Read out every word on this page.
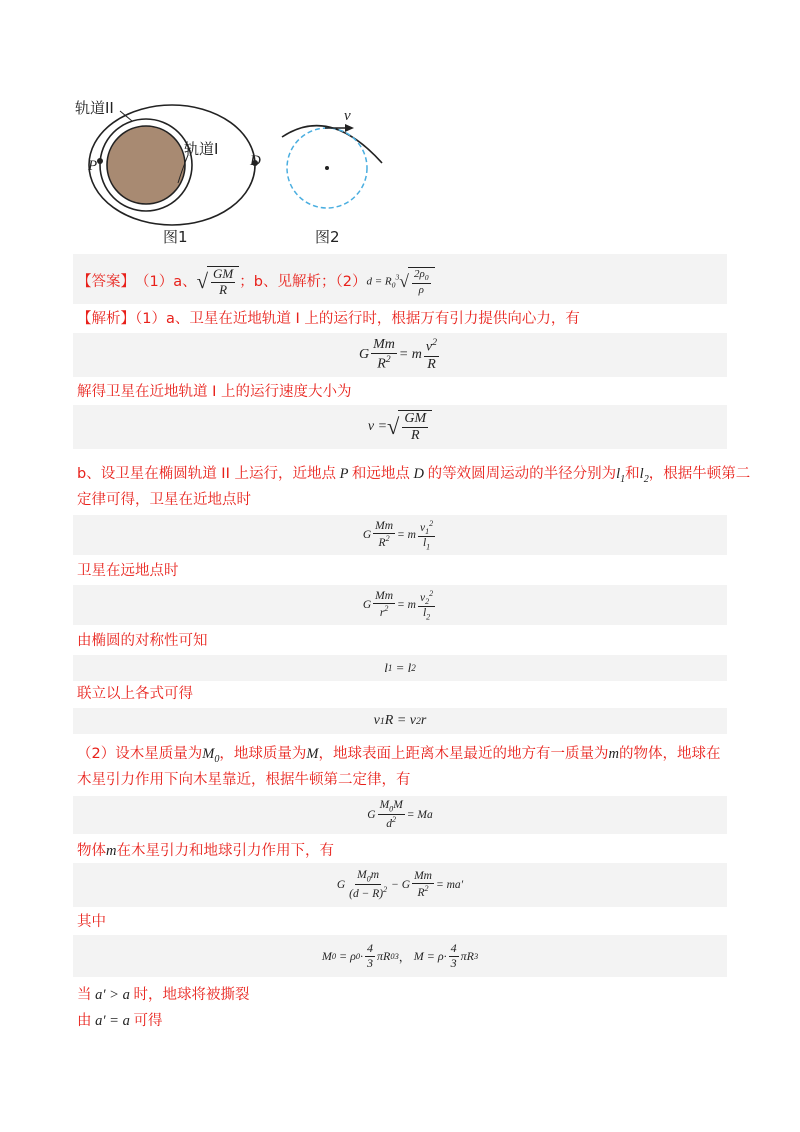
轨道II
轨道I
P	D
v
图1	图2
【答案】 （1）a、 √ $\frac{GM}{R}$ ；b、见解析；（2） $d = R_0^3$ √ $\frac{2\rho_0}{\rho}$
【解析】（1）a、卫星在近地轨道 I 上的运行时，根据万有引力提供向心力，有
G $\frac{Mm}{R^2} = m \frac{v^2}{R}$
解得卫星在近地轨道 I 上的运行速度大小为
v = √ $\frac{GM}{R}$
b、设卫星在椭圆轨道 II 上运行，近地点 P 和远地点 D 的等效圆周运动的半径分别为$l_1$和$l_2$，根据牛顿第二
定律可得，卫星在近地点时
G $\frac{Mm}{R^2} = m \frac{v_1^2}{l_1}$
卫星在远地点时
G $\frac{Mm}{r^2} = m \frac{v_2^2}{l_2}$
由椭圆的对称性可知
l 1 = l 2
联立以上各式可得
v 1 R = v 2 r
（2）设木星质量为$M_0$，地球质量为M，地球表面上距离木星最近的地方有一质量为m的物体，地球在
木星引力作用下向木星靠近，根据牛顿第二定律，有
G $\frac{M_0M}{d^2} = Ma$
物体m在木星引力和地球引力作用下，有
G $\frac{M_0m}{(d - R)^2} - G \frac{Mm}{R^2} = ma'$
其中
M 0 = ρ $0 \cdot \frac{4}{3}$ πR 0 3 ， $M = \rho\cdot \frac{4}{3}$ πR 3
当 a′ > a 时，地球将被撕裂
由 a′ = a 可得
